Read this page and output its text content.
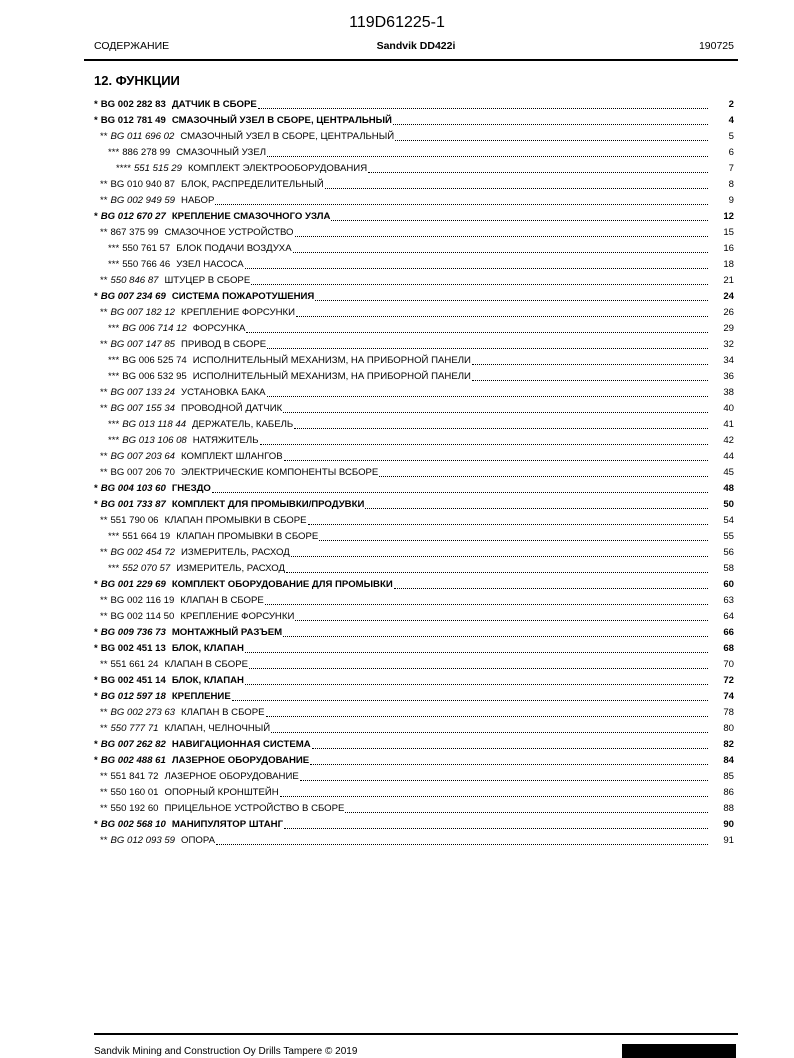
119D61225-1
СОДЕРЖАНИЕ	Sandvik DD422i	190725
12. ФУНКЦИИ
* BG 002 282 83 ДАТЧИК В СБОРЕ	2
* BG 012 781 49 СМАЗОЧНЫЙ УЗЕЛ В СБОРЕ, ЦЕНТРАЛЬНЫЙ	4
** BG 011 696 02 СМАЗОЧНЫЙ УЗЕЛ В СБОРЕ, ЦЕНТРАЛЬНЫЙ	5
*** 886 278 99 СМАЗОЧНЫЙ УЗЕЛ	6
**** 551 515 29 КОМПЛЕКТ ЭЛЕКТРООБОРУДОВАНИЯ	7
** BG 010 940 87 БЛОК, РАСПРЕДЕЛИТЕЛЬНЫЙ	8
** BG 002 949 59 НАБОР	9
* BG 012 670 27 КРЕПЛЕНИЕ СМАЗОЧНОГО УЗЛА	12
** 867 375 99 СМАЗОЧНОЕ УСТРОЙСТВО	15
*** 550 761 57 БЛОК ПОДАЧИ ВОЗДУХА	16
*** 550 766 46 УЗЕЛ НАСОСА	18
** 550 846 87 ШТУЦЕР В СБОРЕ	21
* BG 007 234 69 СИСТЕМА ПОЖАРОТУШЕНИЯ	24
** BG 007 182 12 КРЕПЛЕНИЕ ФОРСУНКИ	26
*** BG 006 714 12 ФОРСУНКА	29
** BG 007 147 85 ПРИВОД В СБОРЕ	32
*** BG 006 525 74 ИСПОЛНИТЕЛЬНЫЙ МЕХАНИЗМ, НА ПРИБОРНОЙ ПАНЕЛИ	34
*** BG 006 532 95 ИСПОЛНИТЕЛЬНЫЙ МЕХАНИЗМ, НА ПРИБОРНОЙ ПАНЕЛИ	36
** BG 007 133 24 УСТАНОВКА БАКА	38
** BG 007 155 34 ПРОВОДНОЙ ДАТЧИК	40
*** BG 013 118 44 ДЕРЖАТЕЛЬ, КАБЕЛЬ	41
*** BG 013 106 08 НАТЯЖИТЕЛЬ	42
** BG 007 203 64 КОМПЛЕКТ ШЛАНГОВ	44
** BG 007 206 70 ЭЛЕКТРИЧЕСКИЕ КОМПОНЕНТЫ ВСБОРЕ	45
* BG 004 103 60 ГНЕЗДО	48
* BG 001 733 87 КОМПЛЕКТ ДЛЯ ПРОМЫВКИ/ПРОДУВКИ	50
** 551 790 06 КЛАПАН ПРОМЫВКИ В СБОРЕ	54
*** 551 664 19 КЛАПАН ПРОМЫВКИ В СБОРЕ	55
** BG 002 454 72 ИЗМЕРИТЕЛЬ, РАСХОД	56
*** 552 070 57 ИЗМЕРИТЕЛЬ, РАСХОД	58
* BG 001 229 69 КОМПЛЕКТ ОБОРУДОВАНИЕ ДЛЯ ПРОМЫВКИ	60
** BG 002 116 19 КЛАПАН В СБОРЕ	63
** BG 002 114 50 КРЕПЛЕНИЕ ФОРСУНКИ	64
* BG 009 736 73 МОНТАЖНЫЙ РАЗЪЕМ	66
* BG 002 451 13 БЛОК, КЛАПАН	68
** 551 661 24 КЛАПАН В СБОРЕ	70
* BG 002 451 14 БЛОК, КЛАПАН	72
* BG 012 597 18 КРЕПЛЕНИЕ	74
** BG 002 273 63 КЛАПАН В СБОРЕ	78
** 550 777 71 КЛАПАН, ЧЕЛНОЧНЫЙ	80
* BG 007 262 82 НАВИГАЦИОННАЯ СИСТЕМА	82
* BG 002 488 61 ЛАЗЕРНОЕ ОБОРУДОВАНИЕ	84
** 551 841 72 ЛАЗЕРНОЕ ОБОРУДОВАНИЕ	85
** 550 160 01 ОПОРНЫЙ КРОНШТЕЙН	86
** 550 192 60 ПРИЦЕЛЬНОЕ УСТРОЙСТВО В СБОРЕ	88
* BG 002 568 10 МАНИПУЛЯТОР ШТАНГ	90
** BG 012 093 59 ОПОРА	91
Sandvik Mining and Construction Oy Drills Tampere © 2019
